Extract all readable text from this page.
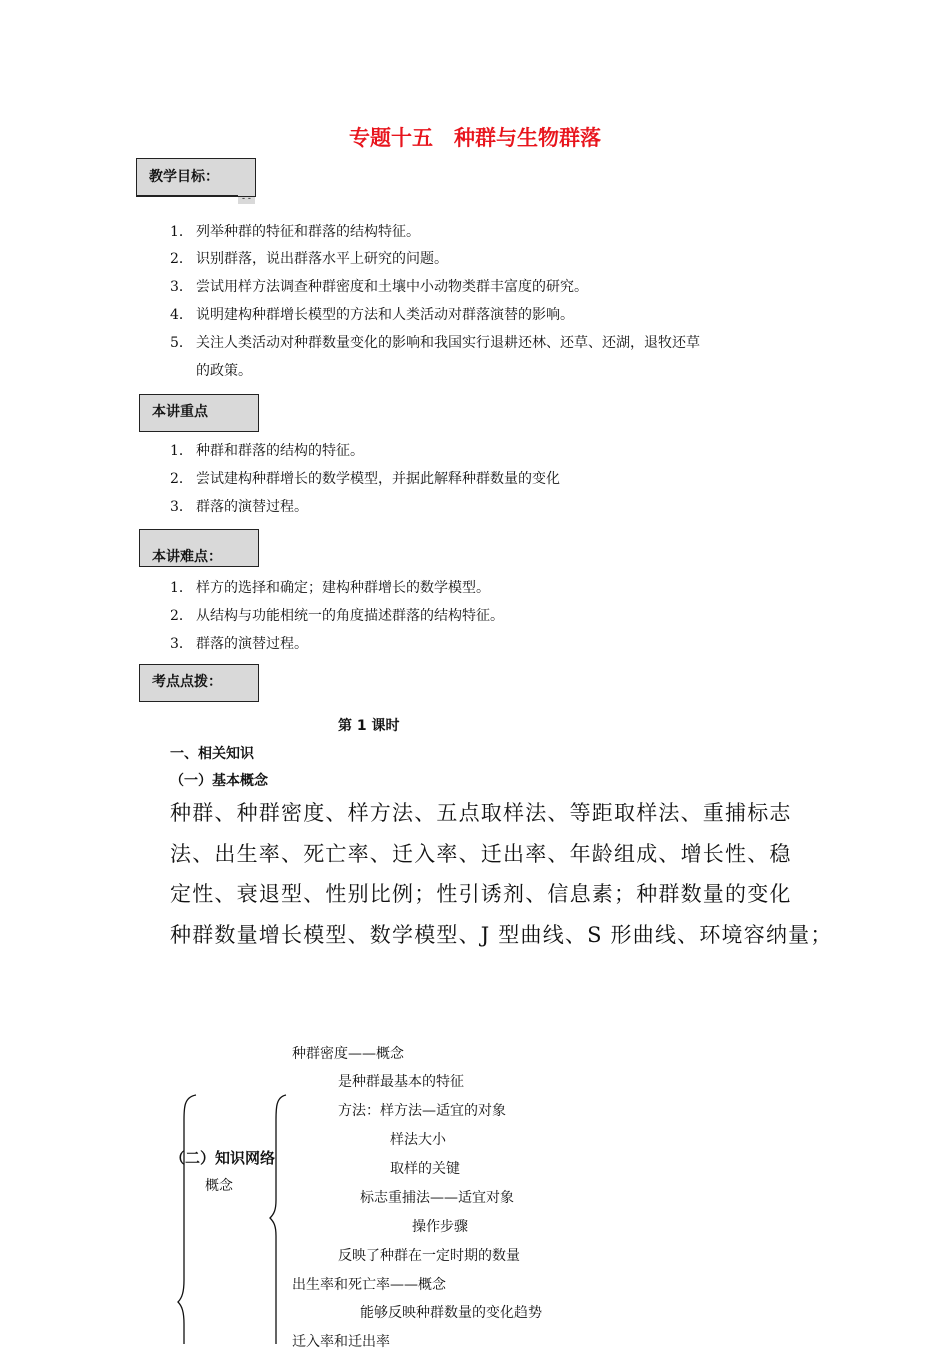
专题十五　种群与生物群落
教学目标：
- -
1． 列举种群的特征和群落的结构特征。
2． 识别群落，说出群落水平上研究的问题。
3． 尝试用样方法调查种群密度和土壤中小动物类群丰富度的研究。
4． 说明建构种群增长模型的方法和人类活动对群落演替的影响。
5． 关注人类活动对种群数量变化的影响和我国实行退耕还林、还草、还湖，退牧还草
的政策。
本讲重点
1． 种群和群落的结构的特征。
2． 尝试建构种群增长的数学模型，并据此解释种群数量的变化
3． 群落的演替过程。
本讲难点：
1． 样方的选择和确定；建构种群增长的数学模型。
2． 从结构与功能相统一的角度描述群落的结构特征。
3． 群落的演替过程。
考点点拨：
第 1 课时
一、相关知识
（一）基本概念
种群、种群密度、样方法、五点取样法、等距取样法、重捕标志
法、出生率、死亡率、迁入率、迁出率、年龄组成、增长性、稳
定性、衰退型、性别比例；性引诱剂、信息素；种群数量的变化
种群数量增长模型、数学模型、J 型曲线、S 形曲线、环境容纳量；
（二）知识网络
概念
种群密度——概念
是种群最基本的特征
方法：样方法—适宜的对象
样法大小
取样的关键
标志重捕法——适宜对象
操作步骤
反映了种群在一定时期的数量
出生率和死亡率——概念
能够反映种群数量的变化趋势
迁入率和迁出率
